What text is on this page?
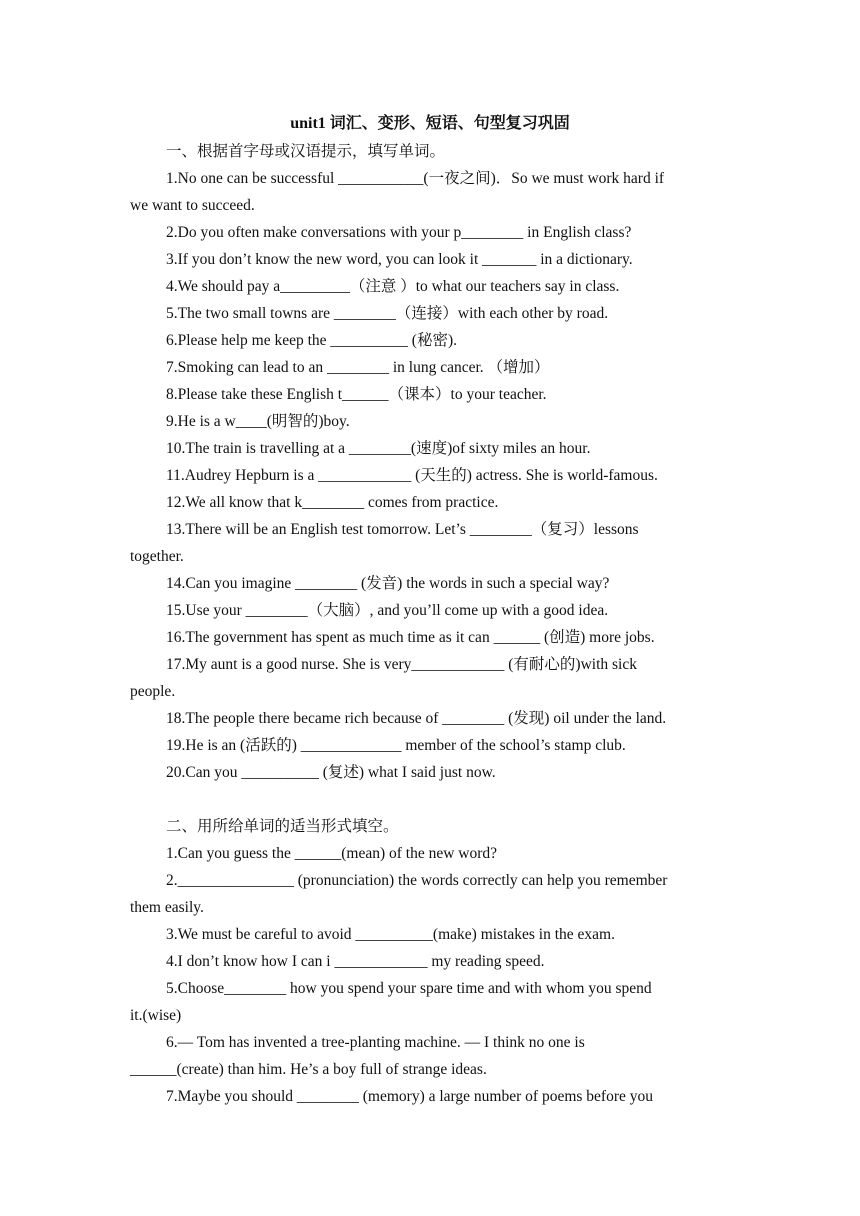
unit1 词汇、变形、短语、句型复习巩固
一、根据首字母或汉语提示，填写单词。
1.No one can be successful ___________(一夜之间)．So we must work hard if
we want to succeed.
2.Do you often make conversations with your p________ in English class?
3.If you don’t know the new word, you can look it _______ in a dictionary.
4.We should pay a_________（注意 ）to what our teachers say in class.
5.The two small towns are ________（连接）with each other by road.
6.Please help me keep the __________ (秘密).
7.Smoking can lead to an ________ in lung cancer. （增加）
8.Please take these English t______（课本）to your teacher.
9.He is a w____(明智的)boy.
10.The train is travelling at a ________(速度)of sixty miles an hour.
11.Audrey Hepburn is a ____________ (天生的) actress. She is world-famous.
12.We all know that k________ comes from practice.
13.There will be an English test tomorrow. Let’s ________（复习）lessons
together.
14.Can you imagine ________ (发音) the words in such a special way?
15.Use your ________（大脑）, and you’ll come up with a good idea.
16.The government has spent as much time as it can ______ (创造) more jobs.
17.My aunt is a good nurse. She is very____________ (有耐心的)with sick
people.
18.The people there became rich because of ________ (发现) oil under the land.
19.He is an (活跃的) _____________ member of the school’s stamp club.
20.Can you __________ (复述) what I said just now.
二、用所给单词的适当形式填空。
1.Can you guess the ______(mean) of the new word?
2._______________ (pronunciation) the words correctly can help you remember
them easily.
3.We must be careful to avoid __________(make) mistakes in the exam.
4.I don’t know how I can i ____________ my reading speed.
5.Choose________ how you spend your spare time and with whom you spend
it.(wise)
6.— Tom has invented a tree-planting machine. — I think no one is
______(create) than him. He’s a boy full of strange ideas.
7.Maybe you should ________ (memory) a large number of poems before you
